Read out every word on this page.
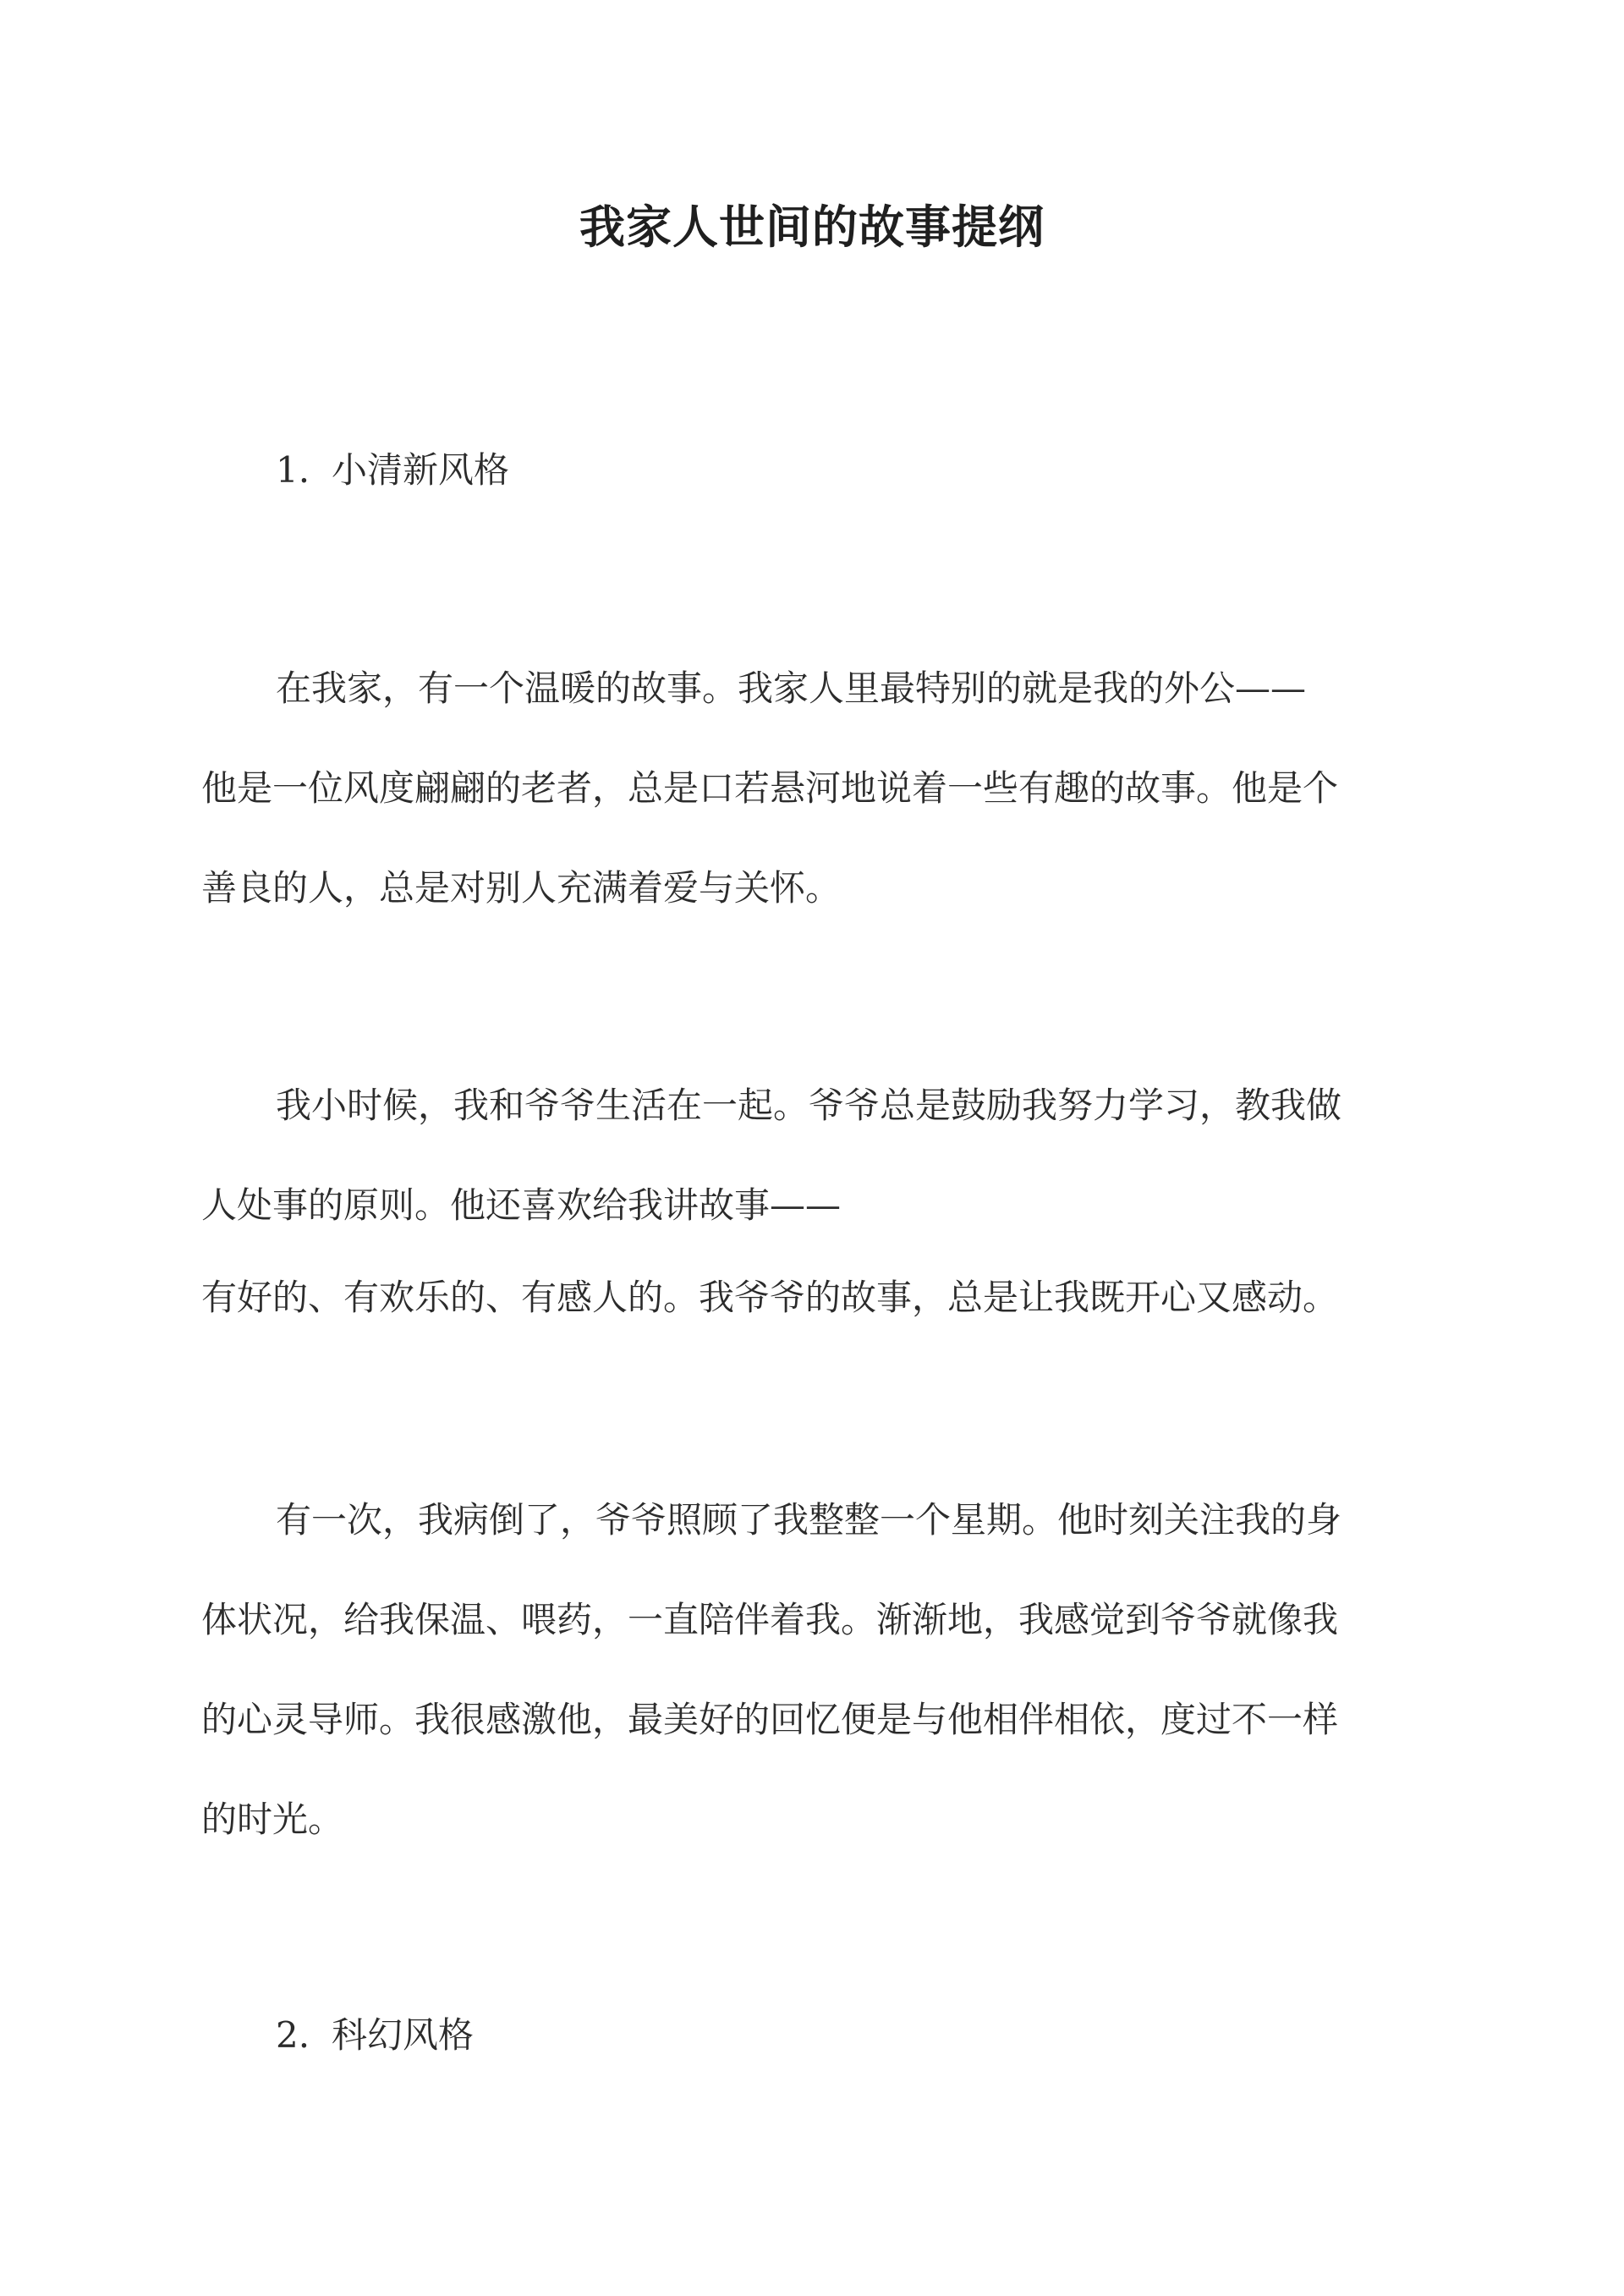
我家人世间的故事提纲
1. 小清新风格
在我家，有一个温暖的故事。我家人里最特别的就是我的外公——
他是一位风度翩翩的老者，总是口若悬河地说着一些有趣的故事。他是个
善良的人，总是对别人充满着爱与关怀。
我小时候，我和爷爷生活在一起。爷爷总是鼓励我努力学习，教我做
人处事的原则。他还喜欢给我讲故事——
有好的、有欢乐的、有感人的。我爷爷的故事，总是让我既开心又感动。
有一次，我病倒了，爷爷照顾了我整整一个星期。他时刻关注我的身
体状况，给我保温、喂药，一直陪伴着我。渐渐地，我感觉到爷爷就像我
的心灵导师。我很感激他，最美好的回忆便是与他相伴相依，度过不一样
的时光。
2. 科幻风格
